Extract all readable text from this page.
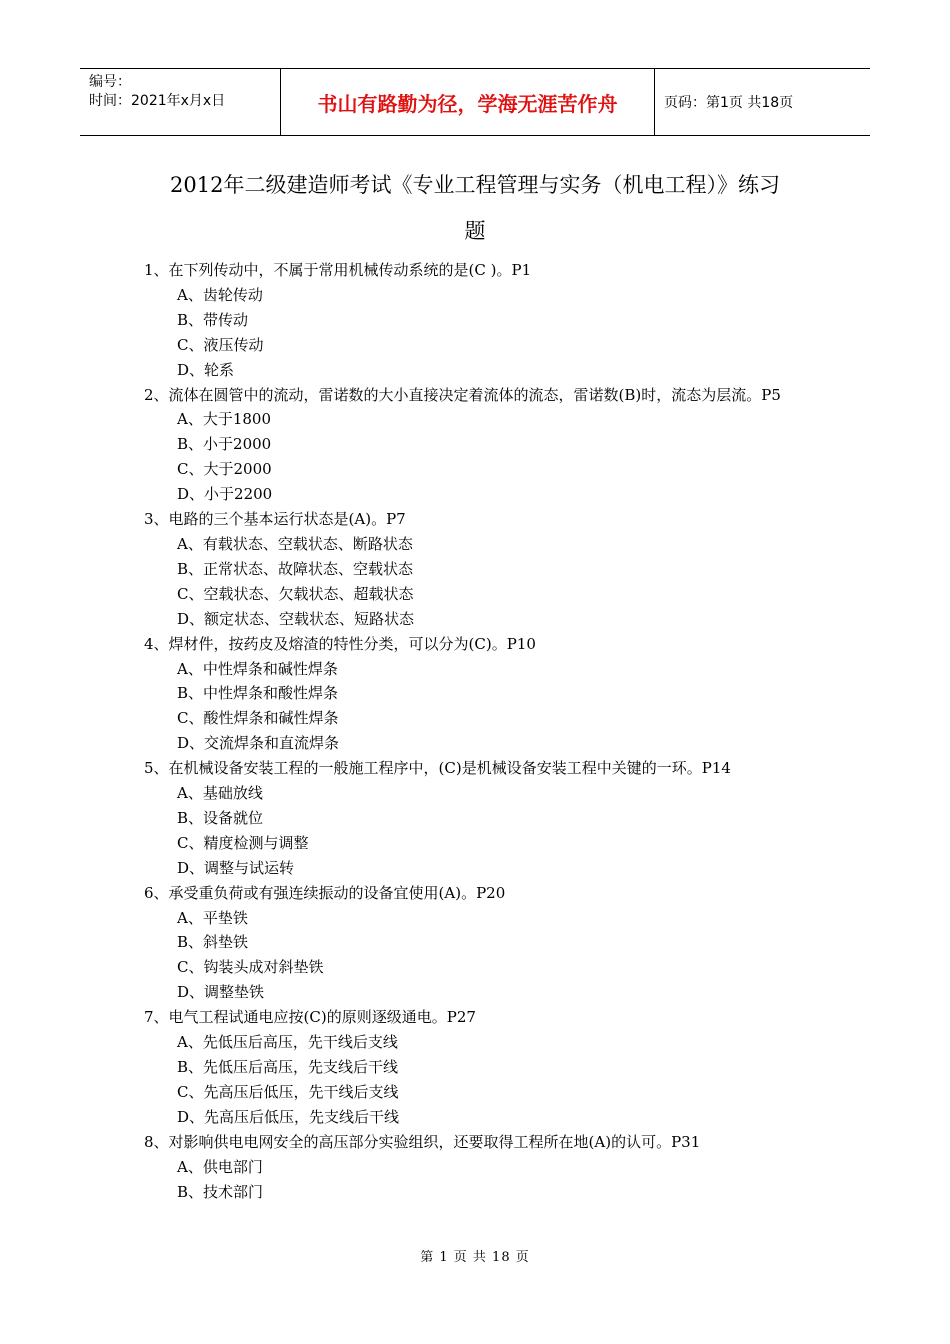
编号：
时间：2021年x月x日	书山有路勤为径，学海无涯苦作舟	页码：第1页 共18页
2012年二级建造师考试《专业工程管理与实务（机电工程）》练习
题

1、在下列传动中，不属于常用机械传动系统的是(C )。P1

A、齿轮传动

B、带传动

C、液压传动

D、轮系

2、流体在圆管中的流动，雷诺数的大小直接决定着流体的流态，雷诺数(B)时，流态为层流。P5

A、大于1800

B、小于2000

C、大于2000

D、小于2200

3、电路的三个基本运行状态是(A)。P7

A、有载状态、空载状态、断路状态

B、正常状态、故障状态、空载状态

C、空载状态、欠载状态、超载状态

D、额定状态、空载状态、短路状态

4、焊材件，按药皮及熔渣的特性分类，可以分为(C)。P10

A、中性焊条和碱性焊条

B、中性焊条和酸性焊条

C、酸性焊条和碱性焊条

D、交流焊条和直流焊条

5、在机械设备安装工程的一般施工程序中，(C)是机械设备安装工程中关键的一环。P14

A、基础放线

B、设备就位

C、精度检测与调整

D、调整与试运转

6、承受重负荷或有强连续振动的设备宜使用(A)。P20

A、平垫铁

B、斜垫铁

C、钩装头成对斜垫铁

D、调整垫铁

7、电气工程试通电应按(C)的原则逐级通电。P27

A、先低压后高压，先干线后支线

B、先低压后高压，先支线后干线

C、先高压后低压，先干线后支线

D、先高压后低压，先支线后干线

8、对影响供电电网安全的高压部分实验组织，还要取得工程所在地(A)的认可。P31

A、供电部门

B、技术部门

第 1 页 共 18 页
